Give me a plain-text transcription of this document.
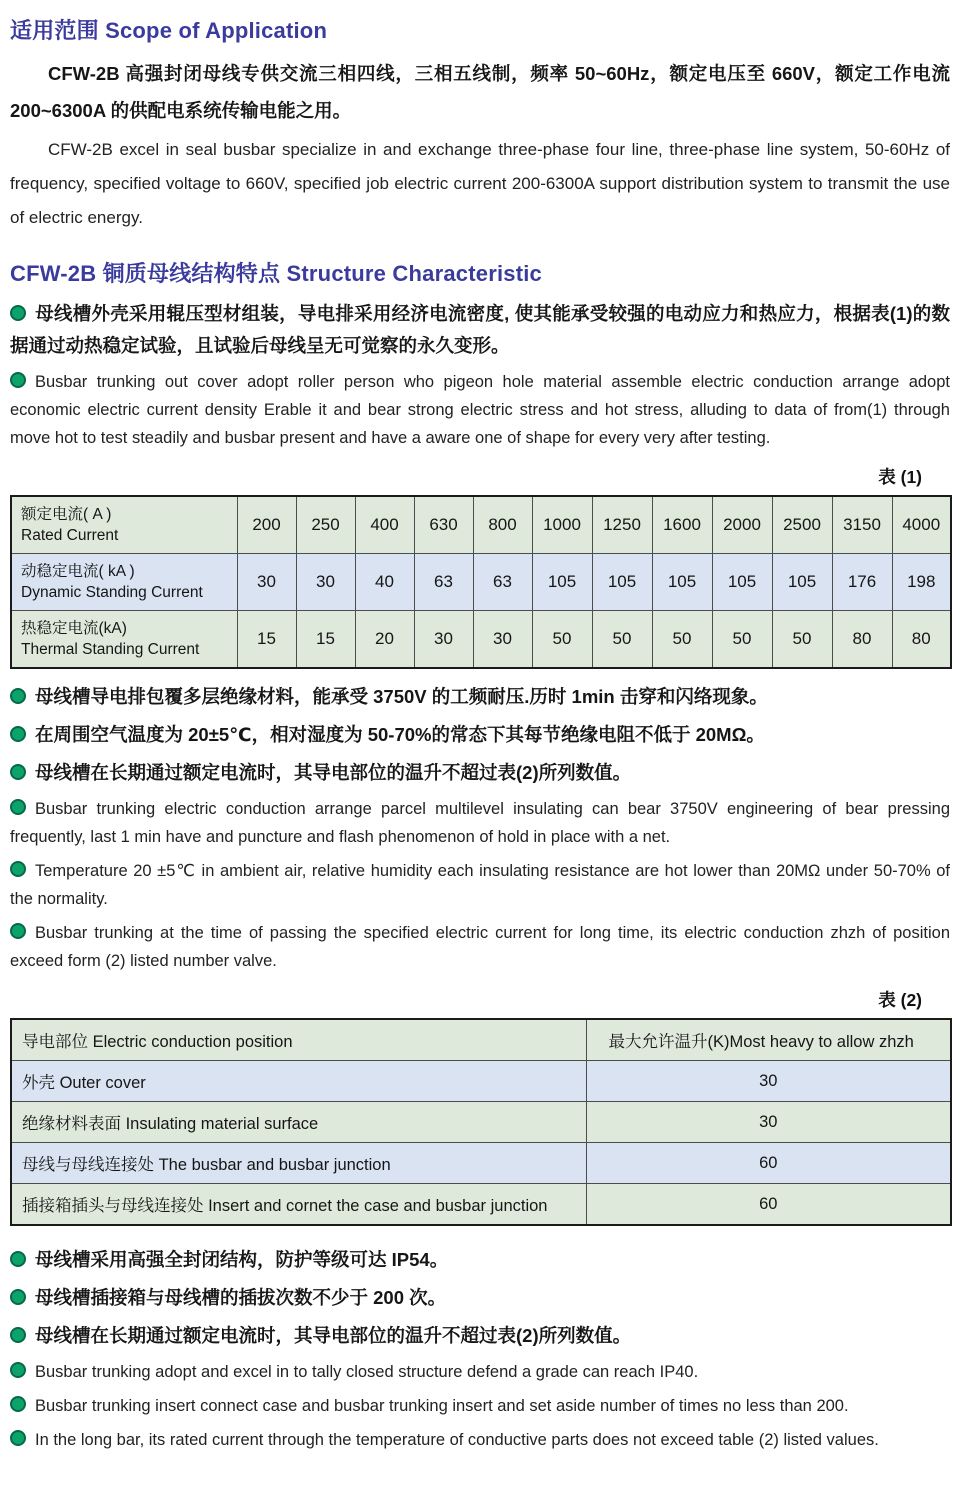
适用范围 Scope of Application

CFW-2B 高强封闭母线专供交流三相四线，三相五线制，频率 50~60Hz，额定电压至 660V，额定工作电流 200~6300A 的供配电系统传输电能之用。

CFW-2B excel in seal busbar specialize in and exchange three-phase four line, three-phase line system, 50-60Hz of frequency, specified voltage to 660V, specified job electric current 200-6300A support distribution system to transmit the use of electric energy.

CFW-2B 铜质母线结构特点 Structure Characteristic
母线槽外壳采用辊压型材组装，导电排采用经济电流密度, 使其能承受较强的电动应力和热应力，根据表(1)的数据通过动热稳定试验，且试验后母线呈无可觉察的永久变形。
Busbar trunking out cover adopt roller person who pigeon hole material assemble electric conduction arrange adopt economic electric current density Erable it and bear strong electric stress and hot stress, alluding to data of from(1) through move hot to test steadily and busbar present and have a aware one of shape for every very after testing.
表 (1)
额定电流( A )
Rated Current	200	250	400	630	800	1000	1250	1600	2000	2500	3150	4000

动稳定电流( kA )
Dynamic Standing Current	30	30	40	63	63	105	105	105	105	105	176	198

热稳定电流(kA)
Thermal Standing Current	15	15	20	30	30	50	50	50	50	50	80	80
母线槽导电排包覆多层绝缘材料，能承受 3750V 的工频耐压.历时 1min 击穿和闪络现象。
在周围空气温度为 20±5℃，相对湿度为 50-70%的常态下其每节绝缘电阻不低于 20MΩ。
母线槽在长期通过额定电流时，其导电部位的温升不超过表(2)所列数值。
Busbar trunking electric conduction arrange parcel multilevel insulating can bear 3750V engineering of bear pressing frequently, last 1 min have and puncture and flash phenomenon of hold in place with a net.
Temperature 20 ±5℃ in ambient air, relative humidity each insulating resistance are hot lower than 20MΩ under 50-70% of the normality.
Busbar trunking at the time of passing the specified electric current for long time, its electric conduction zhzh of position exceed form (2) listed number valve.
表 (2)
导电部位 Electric conduction position	最大允许温升(K)Most heavy to allow zhzh
外壳 Outer cover	30
绝缘材料表面 Insulating material surface	30
母线与母线连接处 The busbar and busbar junction	60
插接箱插头与母线连接处 Insert and cornet the case and busbar junction	60
母线槽采用高强全封闭结构，防护等级可达 IP54。
母线槽插接箱与母线槽的插拔次数不少于 200 次。
母线槽在长期通过额定电流时，其导电部位的温升不超过表(2)所列数值。
Busbar trunking adopt and excel in to tally closed structure defend a grade can reach IP40.
Busbar trunking insert connect case and busbar trunking insert and set aside number of times no less than 200.
In the long bar, its rated current through the temperature of conductive parts does not exceed table (2) listed values.
